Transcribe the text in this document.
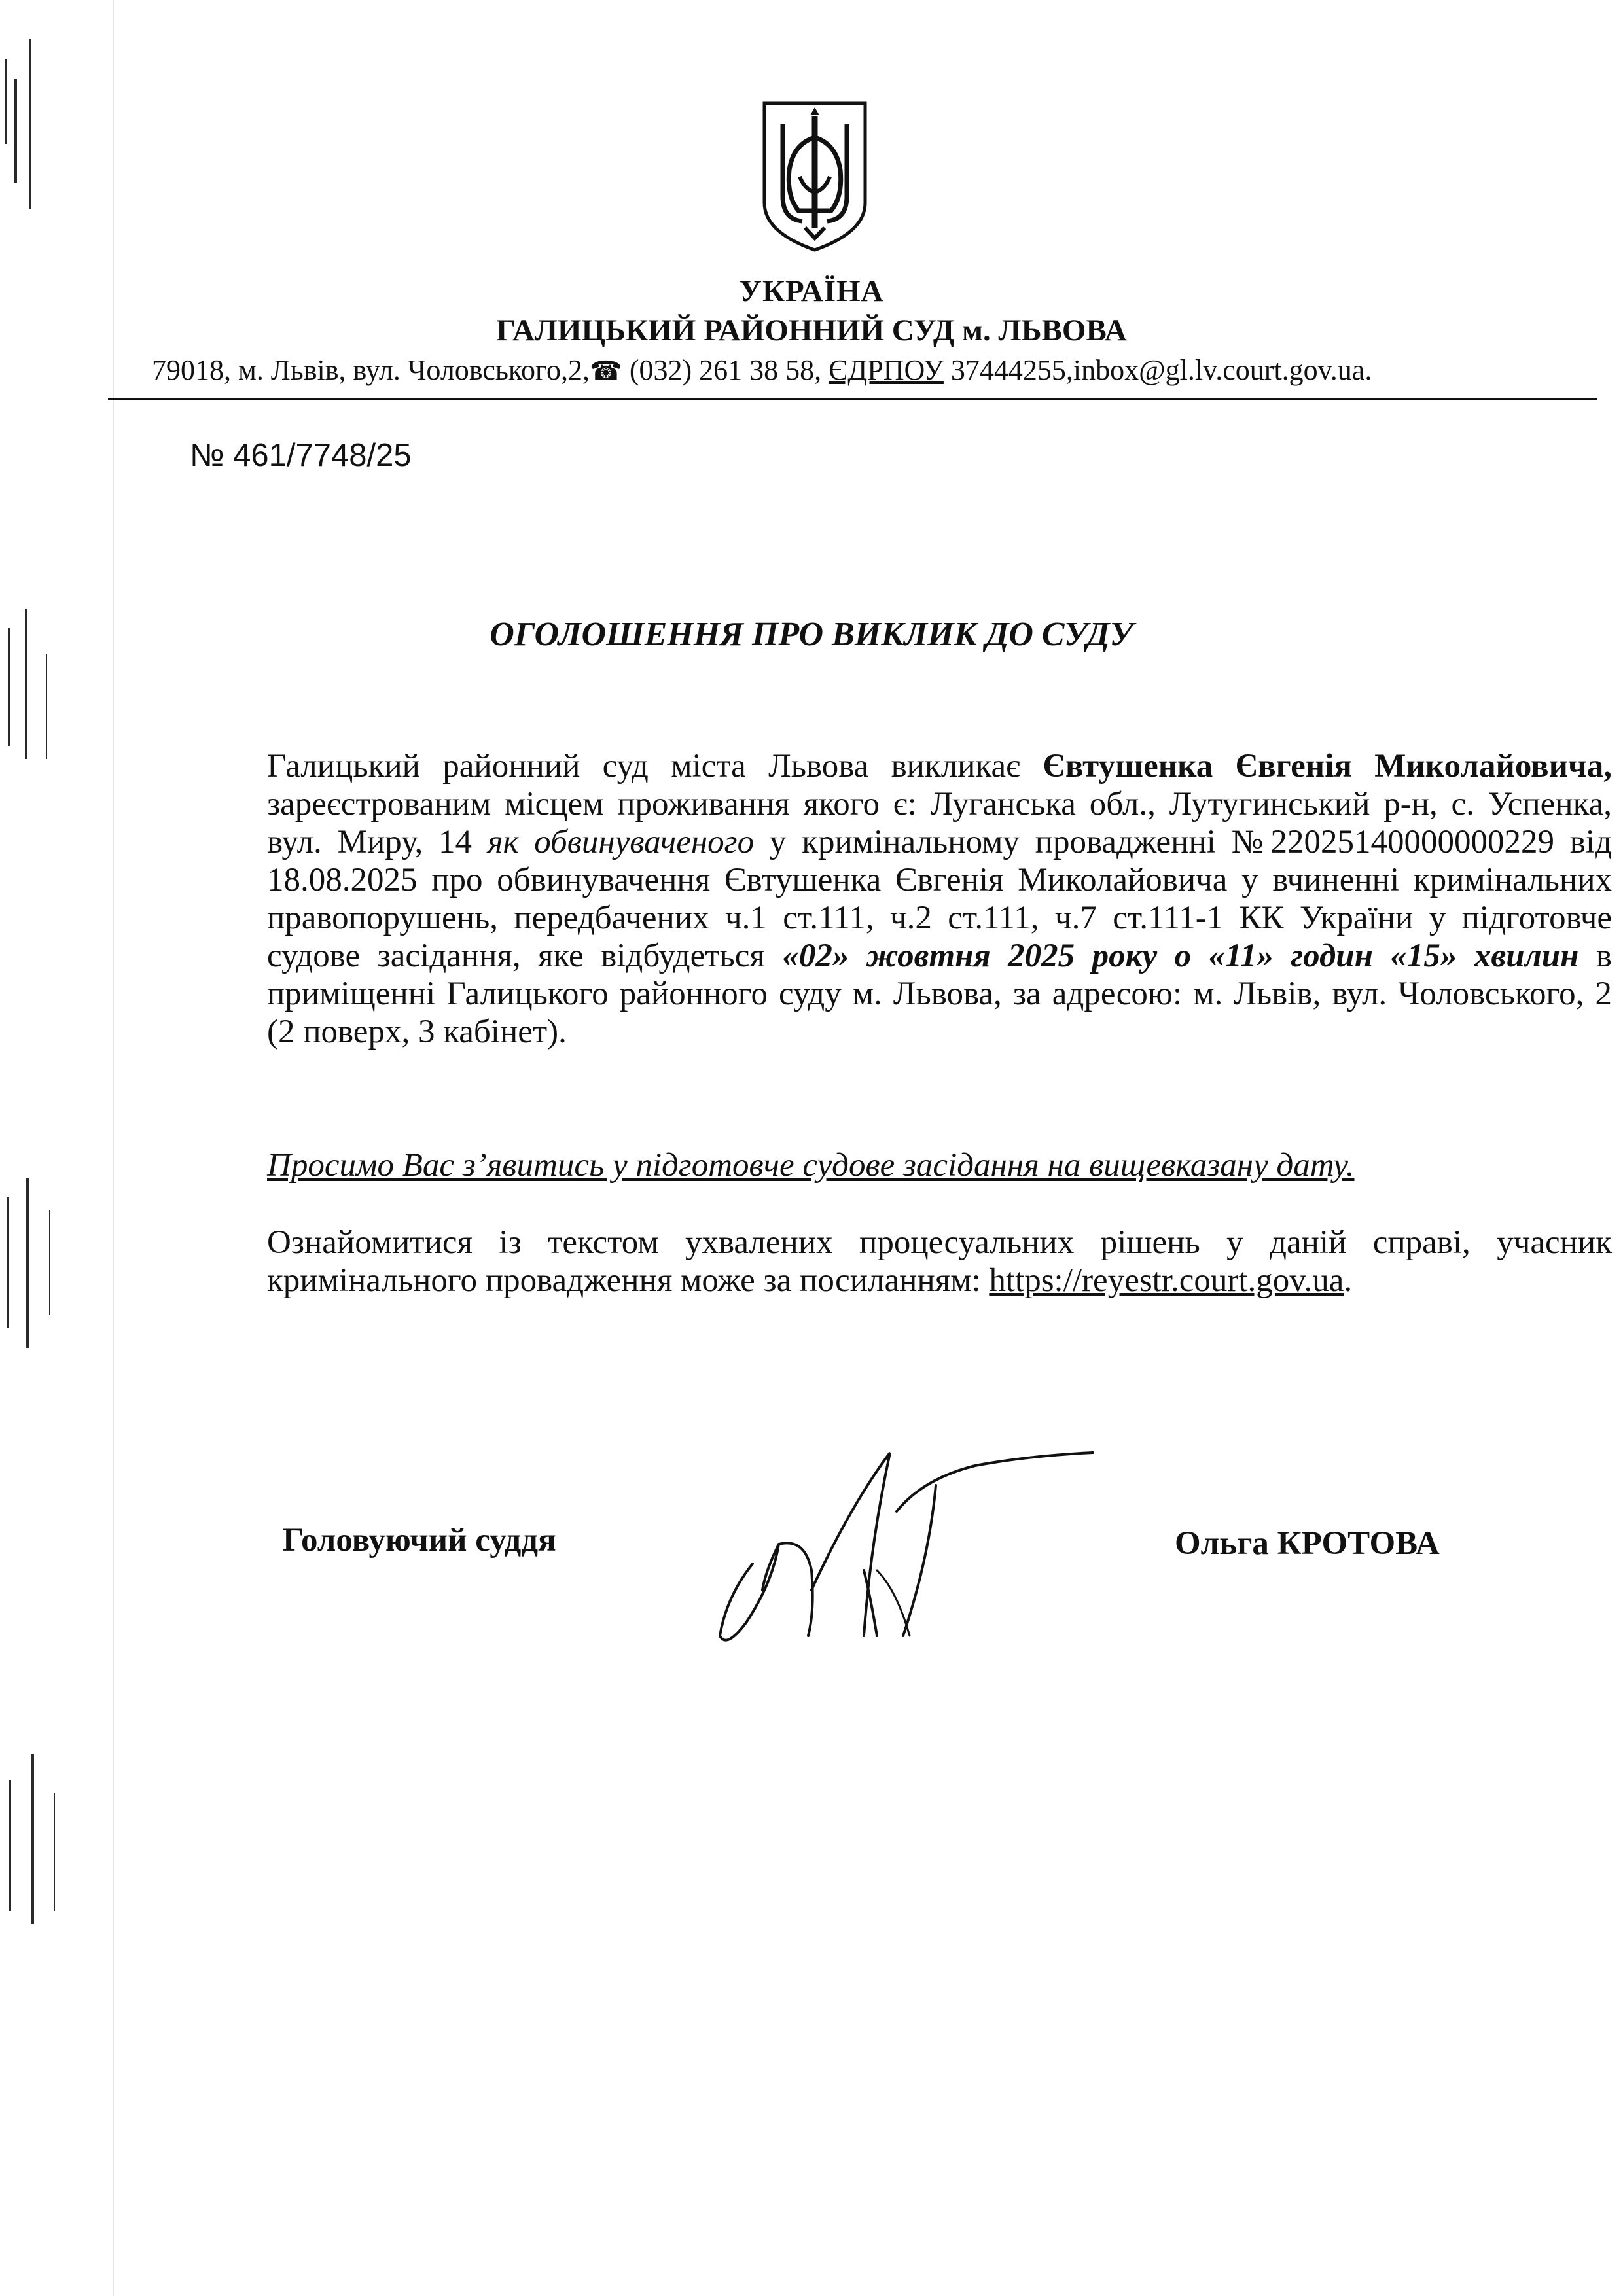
УКРАЇНА
ГАЛИЦЬКИЙ РАЙОННИЙ СУД м. ЛЬВОВА
79018, м. Львів, вул. Чоловського,2,☎ (032) 261 38 58, ЄДРПОУ 37444255,inbox@gl.lv.court.gov.ua.
№ 461/7748/25
ОГОЛОШЕННЯ ПРО ВИКЛИК ДО СУДУ
Галицький районний суд міста Львова викликає Євтушенка Євгенія Миколайовича, зареєстрованим місцем проживання якого є: Луганська обл., Лутугинський р-н, с. Успенка, вул. Миру, 14 як обвинуваченого у кримінальному провадженні №22025140000000229 від 18.08.2025 про обвинувачення Євтушенка Євгенія Миколайовича у вчиненні кримінальних правопорушень, передбачених ч.1 ст.111, ч.2 ст.111, ч.7 ст.111-1 КК України у підготовче судове засідання, яке відбудеться «02» жовтня 2025 року о «11» годин «15» хвилин в приміщенні Галицького районного суду м. Львова, за адресою: м. Львів, вул. Чоловського, 2 (2 поверх, 3 кабінет).
Просимо Вас з’явитись у підготовче судове засідання на вищевказану дату.
Ознайомитися із текстом ухвалених процесуальних рішень у даній справі, учасник кримінального провадження може за посиланням: https://reyestr.court.gov.ua.
Головуючий суддя	Ольга КРОТОВА
